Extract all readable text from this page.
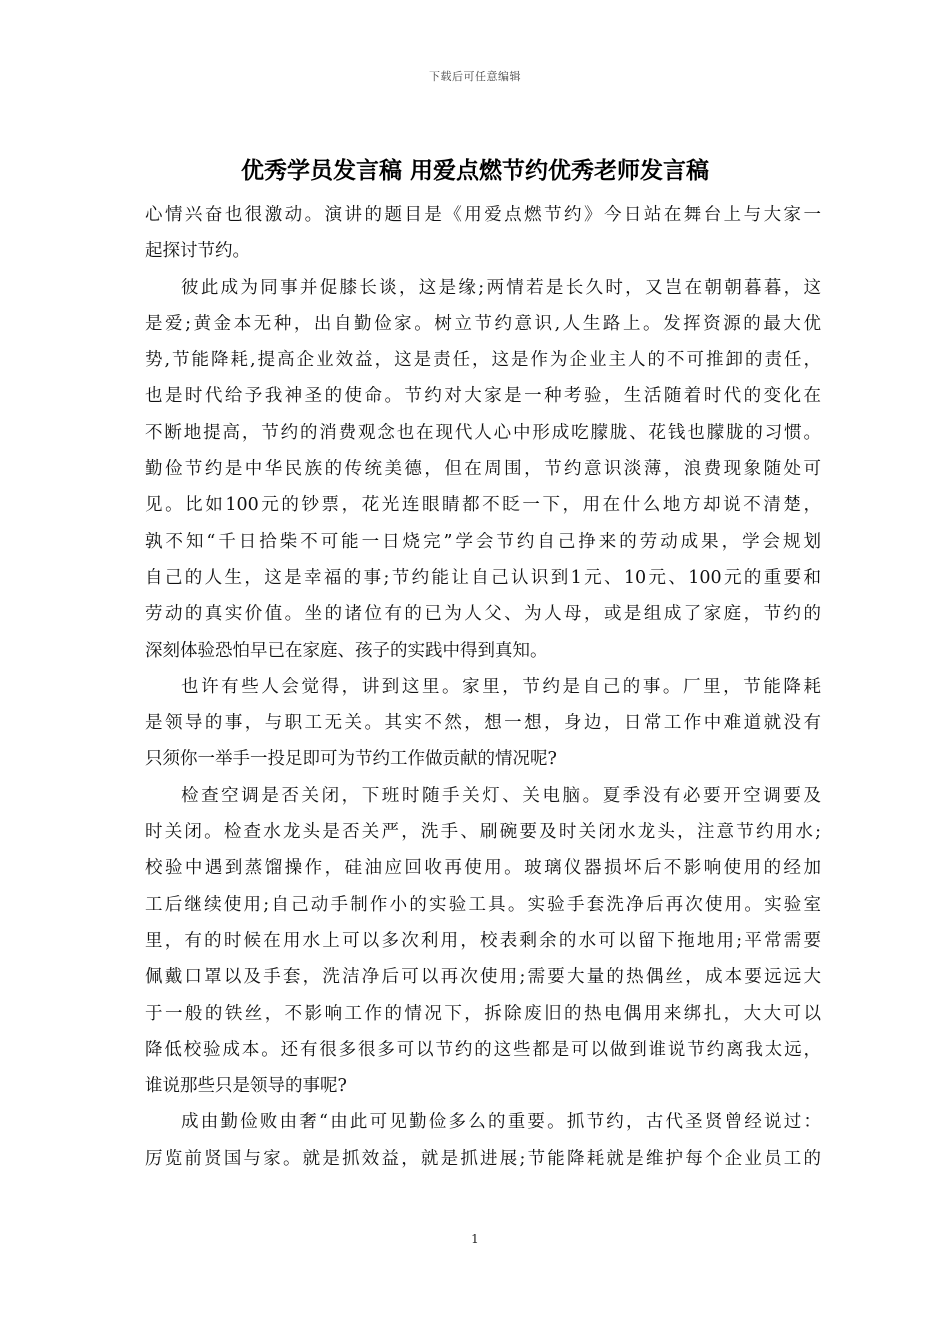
下载后可任意编辑
优秀学员发言稿 用爱点燃节约优秀老师发言稿
心情兴奋也很激动。演讲的题目是《用爱点燃节约》今日站在舞台上与大家一
起探讨节约。
彼此成为同事并促膝长谈，这是缘;两情若是长久时，又岂在朝朝暮暮，这
是爱;黄金本无种，出自勤俭家。树立节约意识,人生路上。发挥资源的最大优
势,节能降耗,提高企业效益，这是责任，这是作为企业主人的不可推卸的责任，
也是时代给予我神圣的使命。节约对大家是一种考验，生活随着时代的变化在
不断地提高，节约的消费观念也在现代人心中形成吃朦胧、花钱也朦胧的习惯。
勤俭节约是中华民族的传统美德，但在周围，节约意识淡薄，浪费现象随处可
见。比如100元的钞票，花光连眼睛都不眨一下，用在什么地方却说不清楚，
孰不知“千日拾柴不可能一日烧完”学会节约自己挣来的劳动成果，学会规划
自己的人生，这是幸福的事;节约能让自己认识到1元、10元、100元的重要和
劳动的真实价值。坐的诸位有的已为人父、为人母，或是组成了家庭，节约的
深刻体验恐怕早已在家庭、孩子的实践中得到真知。
也许有些人会觉得，讲到这里。家里，节约是自己的事。厂里，节能降耗
是领导的事，与职工无关。其实不然，想一想，身边，日常工作中难道就没有
只须你一举手一投足即可为节约工作做贡献的情况呢?
检查空调是否关闭，下班时随手关灯、关电脑。夏季没有必要开空调要及
时关闭。检查水龙头是否关严，洗手、刷碗要及时关闭水龙头，注意节约用水;
校验中遇到蒸馏操作，硅油应回收再使用。玻璃仪器损坏后不影响使用的经加
工后继续使用;自己动手制作小的实验工具。实验手套洗净后再次使用。实验室
里，有的时候在用水上可以多次利用，校表剩余的水可以留下拖地用;平常需要
佩戴口罩以及手套，洗洁净后可以再次使用;需要大量的热偶丝，成本要远远大
于一般的铁丝，不影响工作的情况下，拆除废旧的热电偶用来绑扎，大大可以
降低校验成本。还有很多很多可以节约的这些都是可以做到谁说节约离我太远，
谁说那些只是领导的事呢?
成由勤俭败由奢“由此可见勤俭多么的重要。抓节约，古代圣贤曾经说过：
厉览前贤国与家。就是抓效益，就是抓进展;节能降耗就是维护每个企业员工的
1
